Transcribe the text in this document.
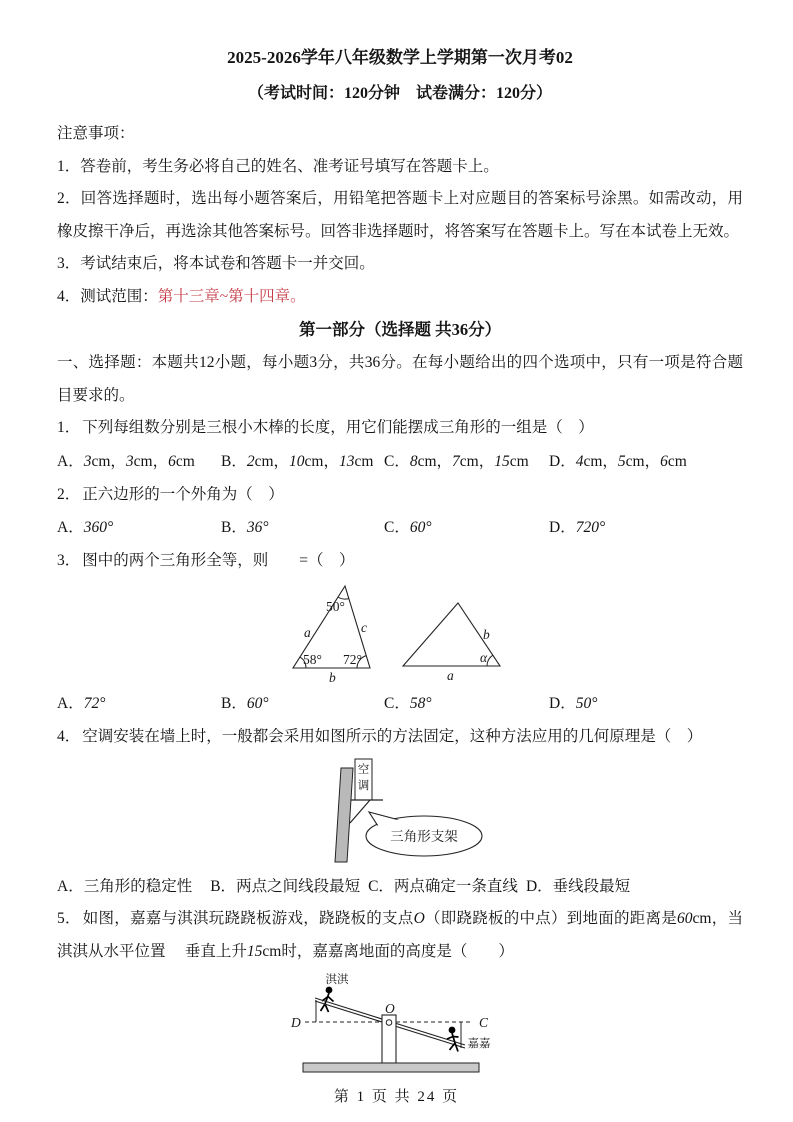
2025-2026学年八年级数学上学期第一次月考02
（考试时间：120分钟　试卷满分：120分）

注意事项：

1．答卷前，考生务必将自己的姓名、准考证号填写在答题卡上。

2．回答选择题时，选出每小题答案后，用铅笔把答题卡上对应题目的答案标号涂黑。如需改动，用橡皮擦干净后，再选涂其他答案标号。回答非选择题时，将答案写在答题卡上。写在本试卷上无效。

3．考试结束后，将本试卷和答题卡一并交回。

4．测试范围：第十三章~第十四章。

第一部分（选择题 共36分）

一、选择题：本题共12小题，每小题3分，共36分。在每小题给出的四个选项中，只有一项是符合题目要求的。

1． 下列每组数分别是三根小木棒的长度，用它们能摆成三角形的一组是（　）

A．3cm，3cm，6cm	B．2cm，10cm，13cm C．8cm，7cm，15cm	D．4cm，5cm，6cm

2． 正六边形的一个外角为（　）

A．360°	B．36°	C．60°	D．720°

3． 图中的两个三角形全等，则　　=（　）

50°
a	c
58° 72°
b
b
α
a
A．72°	B．60°	C．58°	D．50°

4． 空调安装在墙上时，一般都会采用如图所示的方法固定，这种方法应用的几何原理是（　）

空
调
三角形支架

A．三角形的稳定性 B．两点之间线段最短 C．两点确定一条直线 D．垂线段最短

5． 如图，嘉嘉与淇淇玩跷跷板游戏，跷跷板的支点O（即跷跷板的中点）到地面的距离是60cm，当淇淇从水平位置　 垂直上升15cm时，嘉嘉离地面的高度是（　　）

淇淇
D	C
O
嘉嘉
第 1 页 共 24 页
